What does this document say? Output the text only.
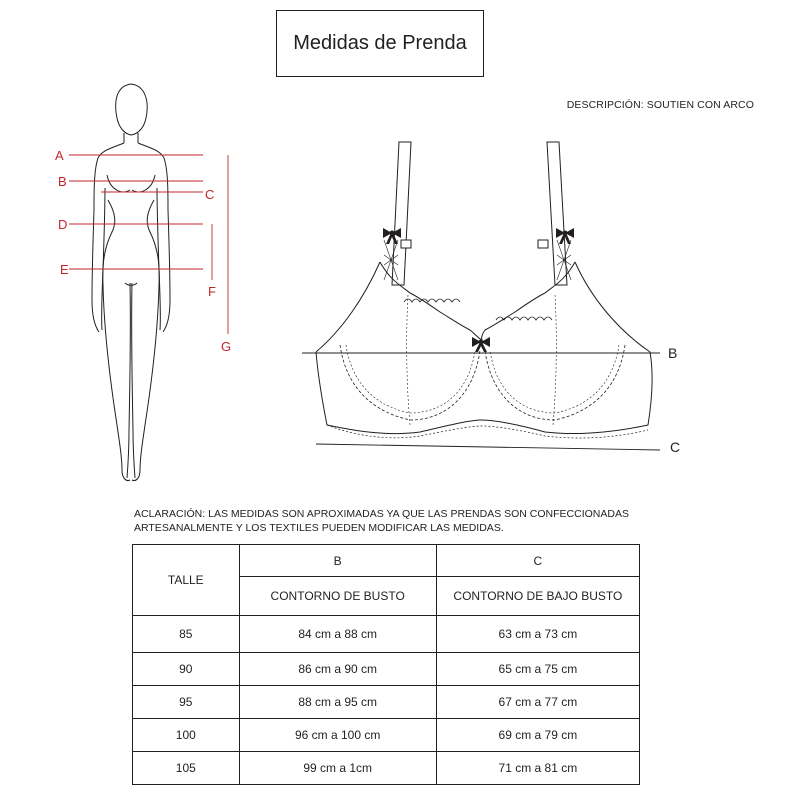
Medidas de Prenda
DESCRIPCIÓN: SOUTIEN CON ARCO
A
B
C
D
E
F
G	B
C
ACLARACIÓN: LAS MEDIDAS SON APROXIMADAS YA QUE LAS PRENDAS SON CONFECCIONADAS ARTESANALMENTE Y LOS TEXTILES PUEDEN MODIFICAR LAS MEDIDAS.
TALLE	B	C
	CONTORNO DE BUSTO	CONTORNO DE BAJO BUSTO
85	84 cm a 88 cm	63 cm a 73 cm
90	86 cm a 90 cm	65 cm a 75 cm
95	88 cm a 95 cm	67 cm a 77 cm
100	96 cm a 100 cm	69 cm a 79 cm
105	99 cm a 1cm	71 cm a 81 cm
